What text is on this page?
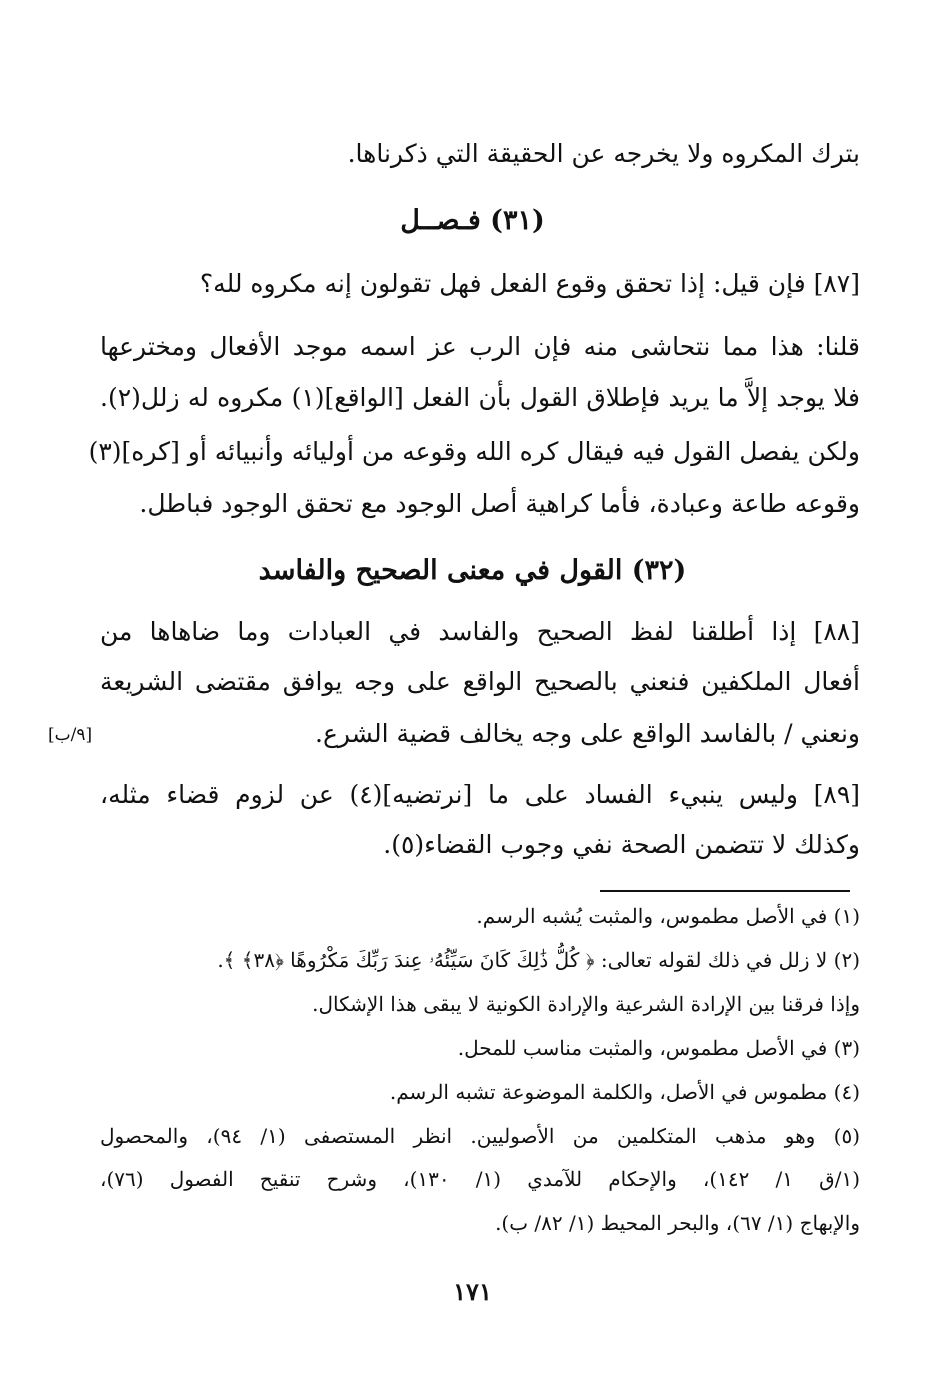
بترك المكروه ولا يخرجه عن الحقيقة التي ذكرناها.
(٣١) فـصــل
[٨٧] فإن قيل: إذا تحقق وقوع الفعل فهل تقولون إنه مكروه لله؟
قلنا: هذا مما نتحاشى منه فإن الرب عز اسمه موجد الأفعال ومخترعها
فلا يوجد إلاَّ ما يريد فإطلاق القول بأن الفعل [الواقع](١) مكروه له زلل(٢).
ولكن يفصل القول فيه فيقال كره الله وقوعه من أوليائه وأنبيائه أو [كره](٣)
وقوعه طاعة وعبادة، فأما كراهية أصل الوجود مع تحقق الوجود فباطل.
(٣٢) القول في معنى الصحيح والفاسد
[٨٨] إذا أطلقنا لفظ الصحيح والفاسد في العبادات وما ضاهاها من
أفعال الملكفين فنعني بالصحيح الواقع على وجه يوافق مقتضى الشريعة
ونعني / بالفاسد الواقع على وجه يخالف قضية الشرع.
[٩/ب]
[٨٩] وليس ينبيء الفساد على ما [نرتضيه](٤) عن لزوم قضاء مثله،
وكذلك لا تتضمن الصحة نفي وجوب القضاء(٥).
(١) في الأصل مطموس، والمثبت يُشبه الرسم.
(٢) لا زلل في ذلك لقوله تعالى: ﴿ كُلُّ ذَٰلِكَ كَانَ سَيِّئُهُۥ عِندَ رَبِّكَ مَكْرُوهًا ﴿٣٨﴾ ﴾.
وإذا فرقنا بين الإرادة الشرعية والإرادة الكونية لا يبقى هذا الإشكال.
(٣) في الأصل مطموس، والمثبت مناسب للمحل.
(٤) مطموس في الأصل، والكلمة الموضوعة تشبه الرسم.
(٥) وهو مذهب المتكلمين من الأصوليين. انظر المستصفى (١/ ٩٤)، والمحصول
(١/ق ١/ ١٤٢)، والإحكام للآمدي (١/ ١٣٠)، وشرح تنقيح الفصول (٧٦)،
والإبهاج (١/ ٦٧)، والبحر المحيط (١/ ٨٢/ ب).
١٧١
